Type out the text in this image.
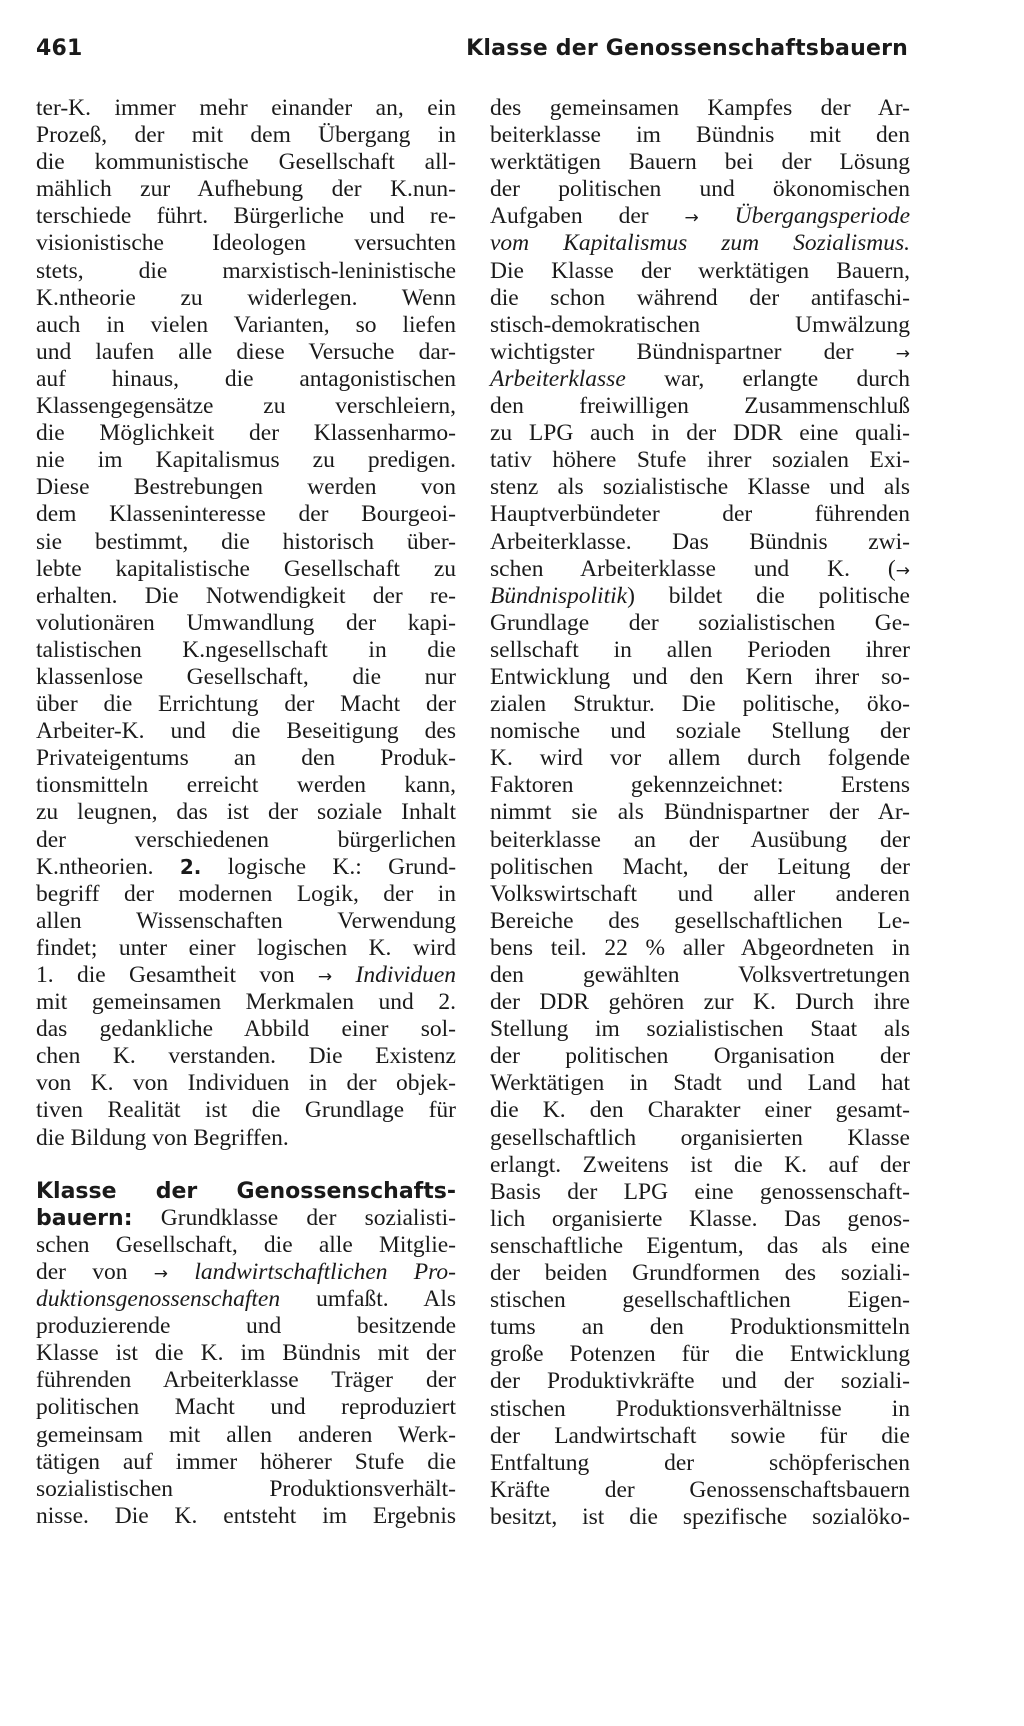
461	Klasse der Genossenschaftsbauern
ter-K. immer mehr einander an, ein
Prozeß, der mit dem Übergang in
die kommunistische Gesellschaft all-
mählich zur Aufhebung der K.nun-
terschiede führt. Bürgerliche und re-
visionistische Ideologen versuchten
stets, die marxistisch-leninistische
K.ntheorie zu widerlegen. Wenn
auch in vielen Varianten, so liefen
und laufen alle diese Versuche dar-
auf hinaus, die antagonistischen
Klassengegensätze zu verschleiern,
die Möglichkeit der Klassenharmo-
nie im Kapitalismus zu predigen.
Diese Bestrebungen werden von
dem Klasseninteresse der Bourgeoi-
sie bestimmt, die historisch über-
lebte kapitalistische Gesellschaft zu
erhalten. Die Notwendigkeit der re-
volutionären Umwandlung der kapi-
talistischen K.ngesellschaft in die
klassenlose Gesellschaft, die nur
über die Errichtung der Macht der
Arbeiter-K. und die Beseitigung des
Privateigentums an den Produk-
tionsmitteln erreicht werden kann,
zu leugnen, das ist der soziale Inhalt
der verschiedenen bürgerlichen
K.ntheorien. 2. logische K.: Grund-
begriff der modernen Logik, der in
allen Wissenschaften Verwendung
findet; unter einer logischen K. wird
1. die Gesamtheit von → Individuen
mit gemeinsamen Merkmalen und 2.
das gedankliche Abbild einer sol-
chen K. verstanden. Die Existenz
von K. von Individuen in der objek-
tiven Realität ist die Grundlage für
die Bildung von Begriffen.
Klasse der Genossenschafts-
bauern: Grundklasse der sozialisti-
schen Gesellschaft, die alle Mitglie-
der von → landwirtschaftlichen Pro-
duktionsgenossenschaften umfaßt. Als
produzierende und besitzende
Klasse ist die K. im Bündnis mit der
führenden Arbeiterklasse Träger der
politischen Macht und reproduziert
gemeinsam mit allen anderen Werk-
tätigen auf immer höherer Stufe die
sozialistischen Produktionsverhält-
nisse. Die K. entsteht im Ergebnis
des gemeinsamen Kampfes der Ar-
beiterklasse im Bündnis mit den
werktätigen Bauern bei der Lösung
der politischen und ökonomischen
Aufgaben der → Übergangsperiode
vom Kapitalismus zum Sozialismus.
Die Klasse der werktätigen Bauern,
die schon während der antifaschi-
stisch-demokratischen Umwälzung
wichtigster Bündnispartner der →
Arbeiterklasse war, erlangte durch
den freiwilligen Zusammenschluß
zu LPG auch in der DDR eine quali-
tativ höhere Stufe ihrer sozialen Exi-
stenz als sozialistische Klasse und als
Hauptverbündeter der führenden
Arbeiterklasse. Das Bündnis zwi-
schen Arbeiterklasse und K. (→
Bündnispolitik) bildet die politische
Grundlage der sozialistischen Ge-
sellschaft in allen Perioden ihrer
Entwicklung und den Kern ihrer so-
zialen Struktur. Die politische, öko-
nomische und soziale Stellung der
K. wird vor allem durch folgende
Faktoren gekennzeichnet: Erstens
nimmt sie als Bündnispartner der Ar-
beiterklasse an der Ausübung der
politischen Macht, der Leitung der
Volkswirtschaft und aller anderen
Bereiche des gesellschaftlichen Le-
bens teil. 22 % aller Abgeordneten in
den gewählten Volksvertretungen
der DDR gehören zur K. Durch ihre
Stellung im sozialistischen Staat als
der politischen Organisation der
Werktätigen in Stadt und Land hat
die K. den Charakter einer gesamt-
gesellschaftlich organisierten Klasse
erlangt. Zweitens ist die K. auf der
Basis der LPG eine genossenschaft-
lich organisierte Klasse. Das genos-
senschaftliche Eigentum, das als eine
der beiden Grundformen des soziali-
stischen gesellschaftlichen Eigen-
tums an den Produktionsmitteln
große Potenzen für die Entwicklung
der Produktivkräfte und der soziali-
stischen Produktionsverhältnisse in
der Landwirtschaft sowie für die
Entfaltung der schöpferischen
Kräfte der Genossenschaftsbauern
besitzt, ist die spezifische sozialöko-
